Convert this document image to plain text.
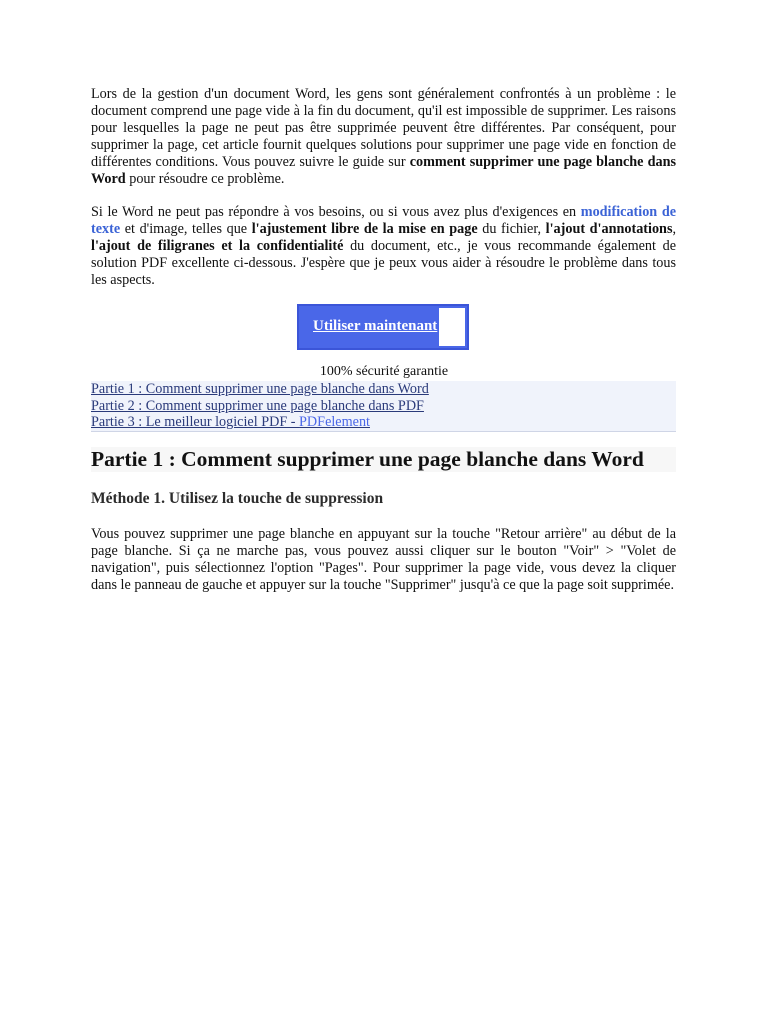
Lors de la gestion d'un document Word, les gens sont généralement confrontés à un problème : le document comprend une page vide à la fin du document, qu'il est impossible de supprimer. Les raisons pour lesquelles la page ne peut pas être supprimée peuvent être différentes. Par conséquent, pour supprimer la page, cet article fournit quelques solutions pour supprimer une page vide en fonction de différentes conditions. Vous pouvez suivre le guide sur comment supprimer une page blanche dans Word pour résoudre ce problème.

Si le Word ne peut pas répondre à vos besoins, ou si vous avez plus d'exigences en modification de texte et d'image, telles que l'ajustement libre de la mise en page du fichier, l'ajout d'annotations, l'ajout de filigranes et la confidentialité du document, etc., je vous recommande également de solution PDF excellente ci-dessous. J'espère que je peux vous aider à résoudre le problème dans tous les aspects.

Utiliser maintenant
100% sécurité garantie
Partie 1 : Comment supprimer une page blanche dans Word
Partie 2 : Comment supprimer une page blanche dans PDF
Partie 3 : Le meilleur logiciel PDF - PDFelement
Partie 1 : Comment supprimer une page blanche dans Word
Méthode 1. Utilisez la touche de suppression

Vous pouvez supprimer une page blanche en appuyant sur la touche "Retour arrière" au début de la page blanche. Si ça ne marche pas, vous pouvez aussi cliquer sur le bouton "Voir" > "Volet de navigation", puis sélectionnez l'option "Pages". Pour supprimer la page vide, vous devez la cliquer dans le panneau de gauche et appuyer sur la touche "Supprimer" jusqu'à ce que la page soit supprimée.
